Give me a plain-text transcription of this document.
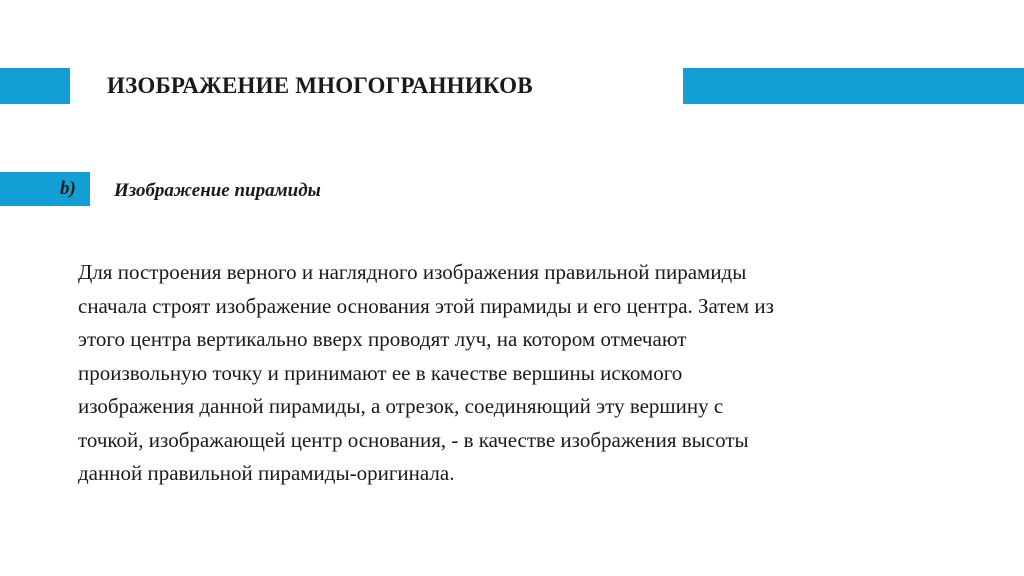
ИЗОБРАЖЕНИЕ МНОГОГРАННИКОВ
b) Изображение пирамиды
Для построения верного и наглядного изображения правильной пирамиды
сначала строят изображение основания этой пирамиды и его центра. Затем из
этого центра вертикально вверх проводят луч, на котором отмечают
произвольную точку и принимают ее в качестве вершины искомого
изображения данной пирамиды, а отрезок, соединяющий эту вершину с
точкой, изображающей центр основания, - в качестве изображения высоты
данной правильной пирамиды-оригинала.
